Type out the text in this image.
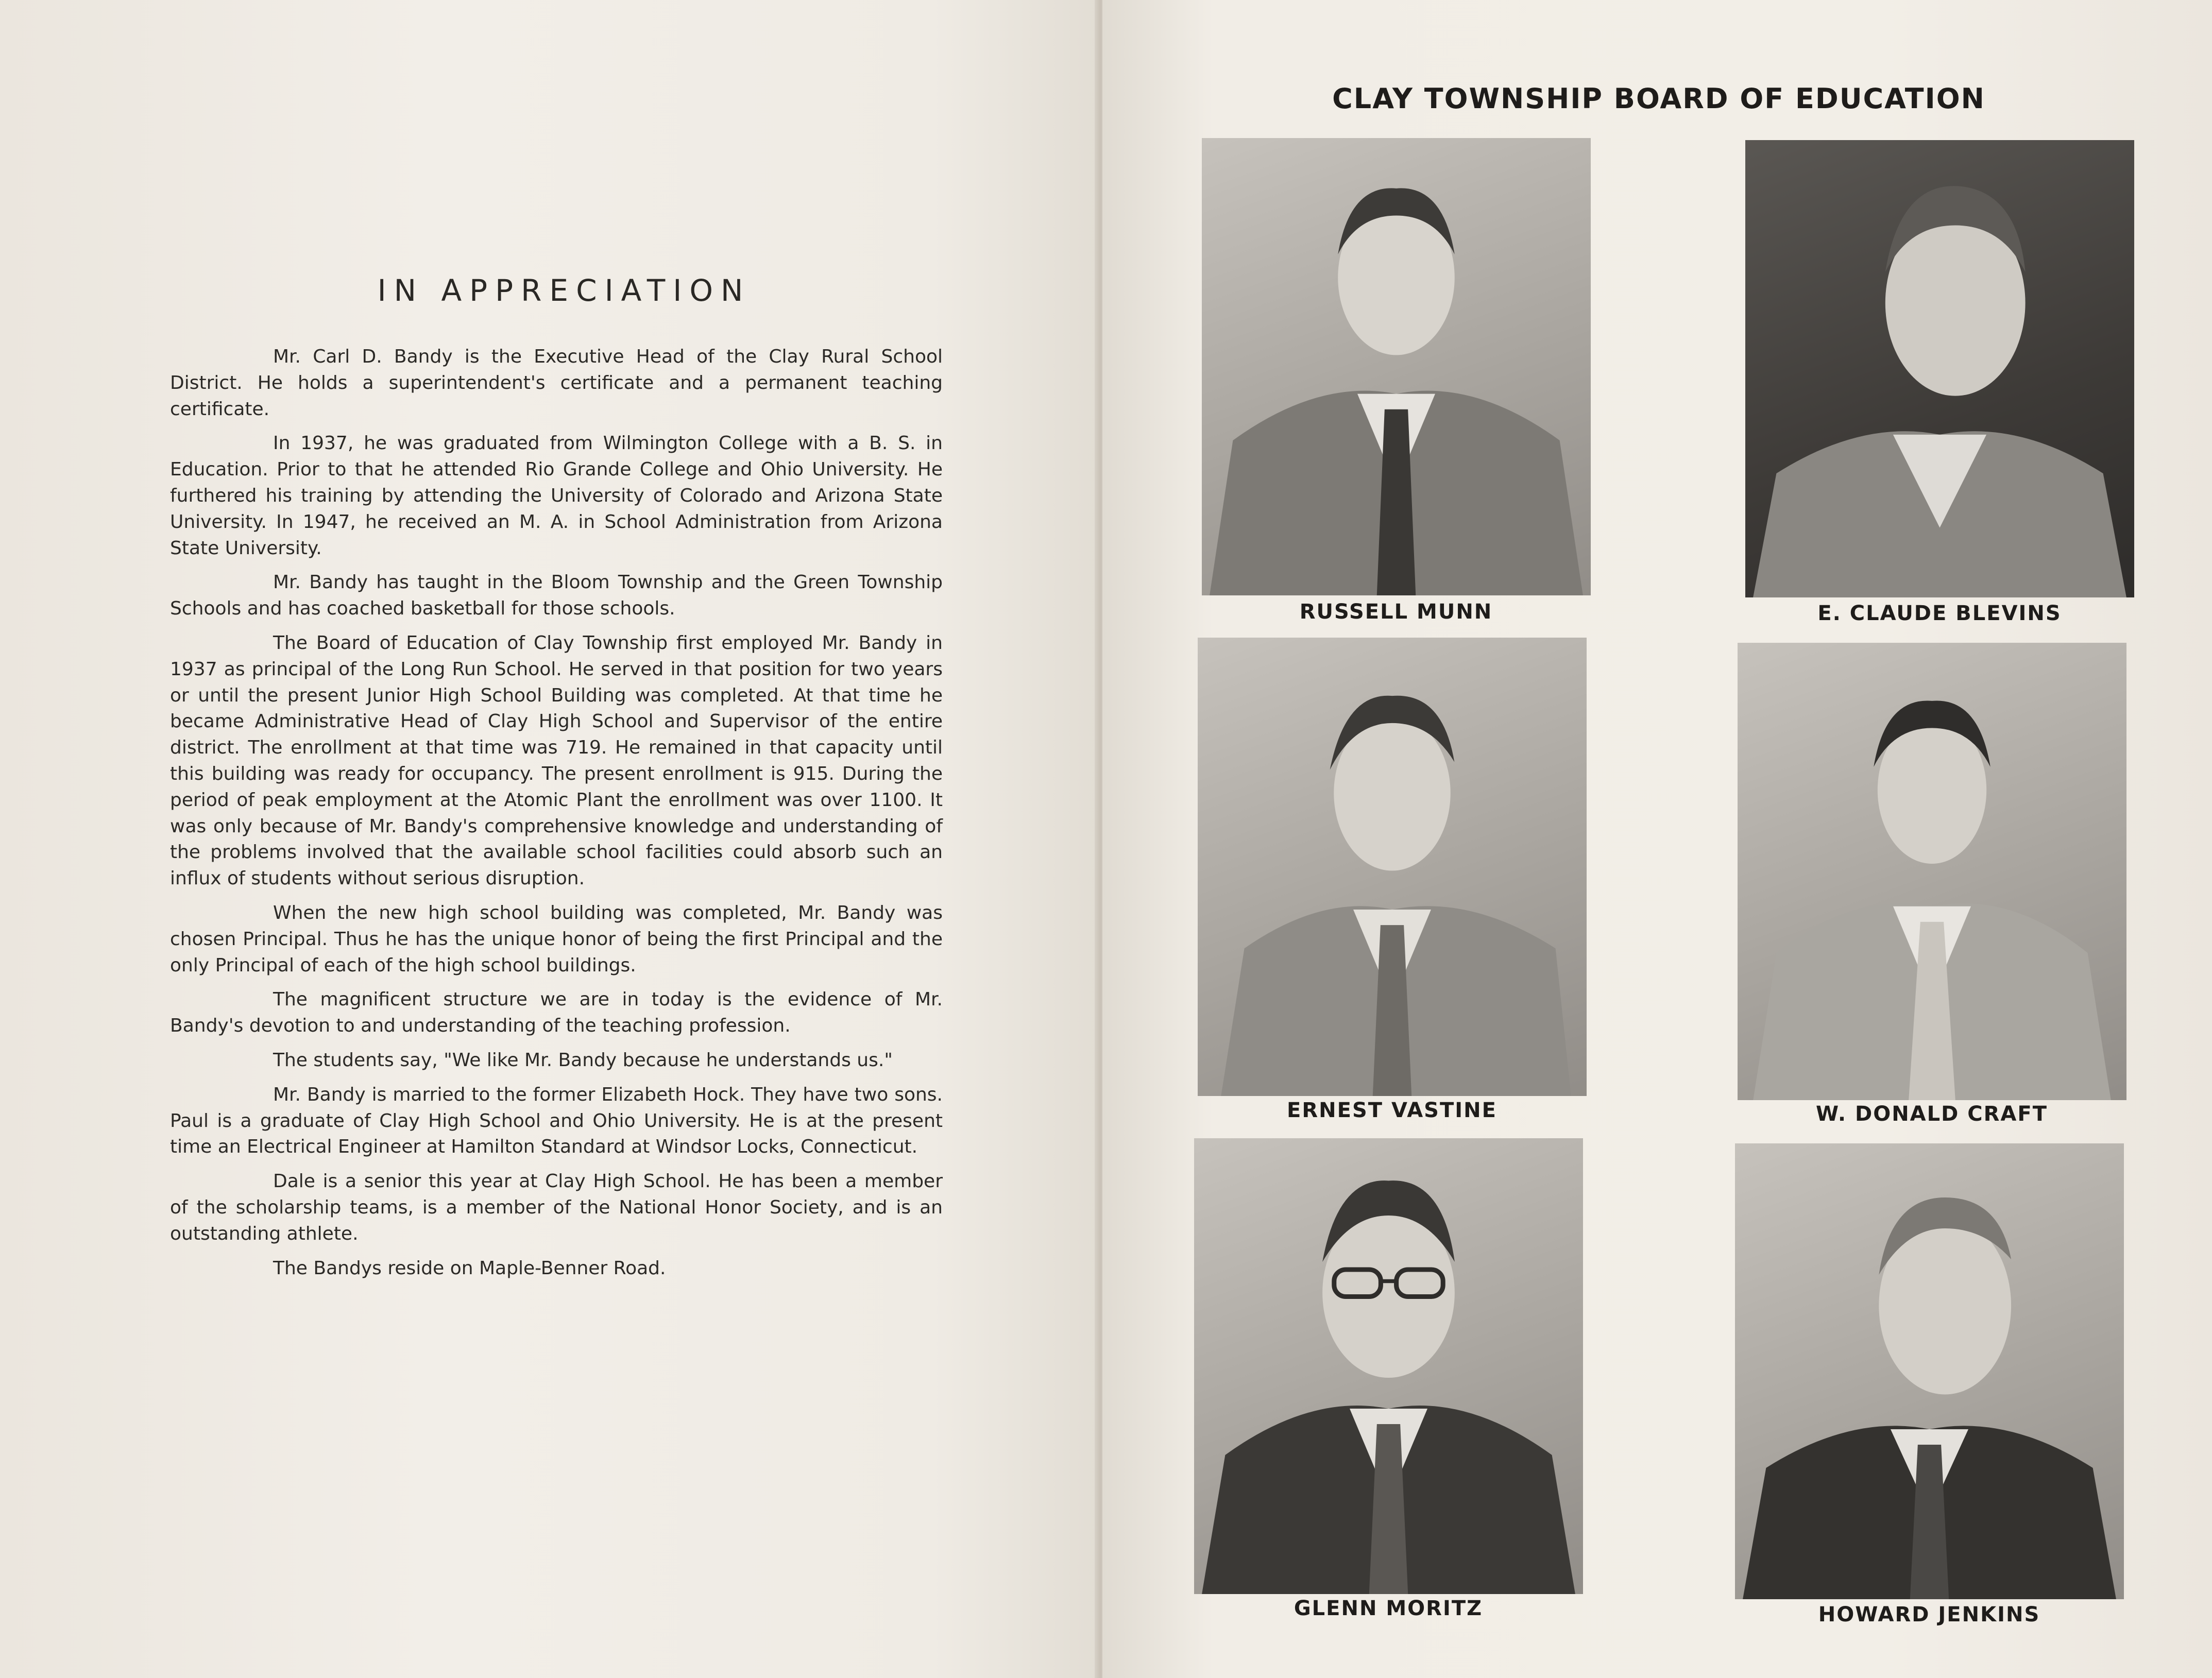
IN APPRECIATION

Mr. Carl D. Bandy is the Executive Head of the Clay Rural School District. He holds a superintendent's certificate and a permanent teaching certificate.

In 1937, he was graduated from Wilmington College with a B. S. in Education. Prior to that he attended Rio Grande College and Ohio University. He furthered his training by attending the University of Colorado and Arizona State University. In 1947, he received an M. A. in School Administration from Arizona State University.

Mr. Bandy has taught in the Bloom Township and the Green Township Schools and has coached basketball for those schools.

The Board of Education of Clay Township first employed Mr. Bandy in 1937 as principal of the Long Run School. He served in that position for two years or until the present Junior High School Building was completed. At that time he became Administrative Head of Clay High School and Supervisor of the entire district. The enrollment at that time was 719. He remained in that capacity until this building was ready for occupancy. The present enrollment is 915. During the period of peak employment at the Atomic Plant the enrollment was over 1100. It was only because of Mr. Bandy's comprehensive knowledge and understanding of the problems involved that the available school facilities could absorb such an influx of students without serious disruption.

When the new high school building was completed, Mr. Bandy was chosen Principal. Thus he has the unique honor of being the first Principal and the only Principal of each of the high school buildings.

The magnificent structure we are in today is the evidence of Mr. Bandy's devotion to and understanding of the teaching profession.

The students say, "We like Mr. Bandy because he understands us."

Mr. Bandy is married to the former Elizabeth Hock. They have two sons. Paul is a graduate of Clay High School and Ohio University. He is at the present time an Electrical Engineer at Hamilton Standard at Windsor Locks, Connecticut.

Dale is a senior this year at Clay High School. He has been a member of the scholarship teams, is a member of the National Honor Society, and is an outstanding athlete.

The Bandys reside on Maple-Benner Road.

CLAY TOWNSHIP BOARD OF EDUCATION
RUSSELL MUNN	E. CLAUDE BLEVINS
ERNEST VASTINE	W. DONALD CRAFT
GLENN MORITZ	HOWARD JENKINS
